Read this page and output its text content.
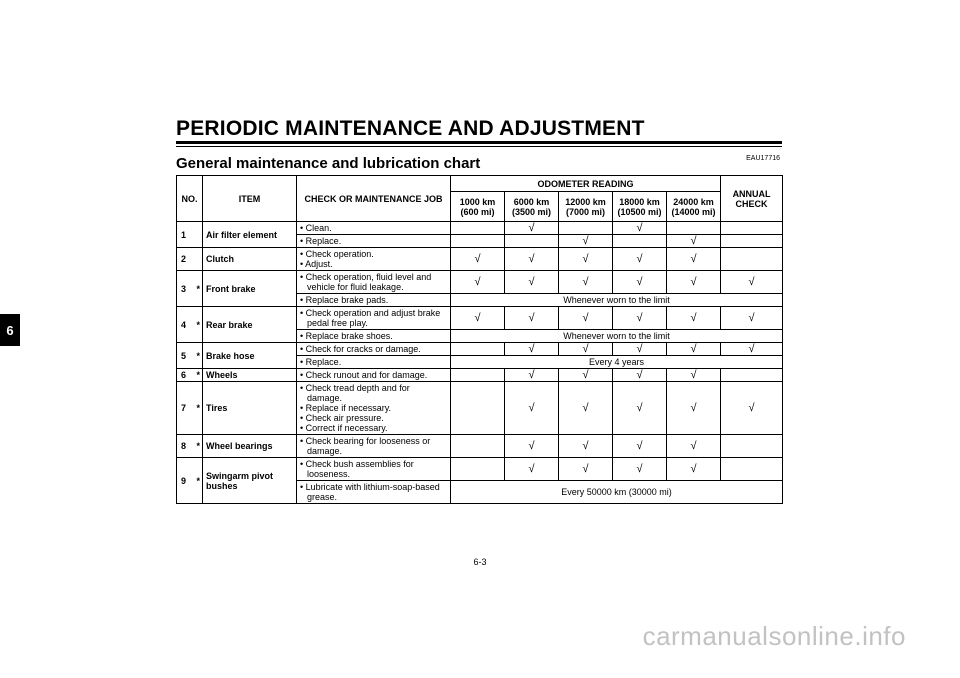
6
PERIODIC MAINTENANCE AND ADJUSTMENT
General maintenance and lubrication chart	EAU17716
NO.		ITEM	CHECK OR MAINTENANCE JOB	ODOMETER READING					ANNUAL CHECK
				1000 km (600 mi)	6000 km (3500 mi)	12000 km (7000 mi)	18000 km (10500 mi)	24000 km (14000 mi)	
1		Air filter element	• Clean.		√		√		

			• Replace.			√		√	
2		Clutch	• Check operation.
• Adjust.	√	√	√	√	√	
3	*	Front brake	• Check operation, fluid level and vehicle for fluid leakage.	√	√	√	√	√	√

			• Replace brake pads.	Whenever worn to the limit					
4	*	Rear brake	• Check operation and adjust brake pedal free play.	√	√	√	√	√	√

			• Replace brake shoes.	Whenever worn to the limit					
5	*	Brake hose	• Check for cracks or damage.		√	√	√	√	√

			• Replace.	Every 4 years					
6	*	Wheels	• Check runout and for damage.		√	√	√	√	
7	*	Tires	• Check tread depth and for damage.
• Replace if necessary.
• Check air pressure.
• Correct if necessary.		√	√	√	√	√
8	*	Wheel bearings	• Check bearing for looseness or damage.		√	√	√	√	
9	*	Swingarm pivot bushes	• Check bush assemblies for looseness.		√	√	√	√	

			• Lubricate with lithium-soap-based grease.	Every 50000 km (30000 mi)					
6-3
carmanualsonline.info
